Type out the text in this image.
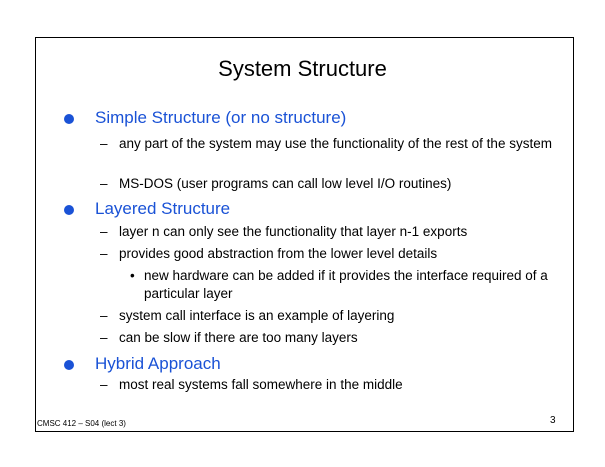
System Structure
Simple Structure (or no structure)
– any part of the system may use the functionality of the rest of the system
– MS-DOS (user programs can call low level I/O routines)
Layered Structure
– layer n can only see the functionality that layer n-1 exports
– provides good abstraction from the lower level details
• new hardware can be added if it provides the interface required of a particular layer
– system call interface is an example of layering
– can be slow if there are too many layers
Hybrid Approach
– most real systems fall somewhere in the middle
CMSC 412 – S04 (lect 3)	3
